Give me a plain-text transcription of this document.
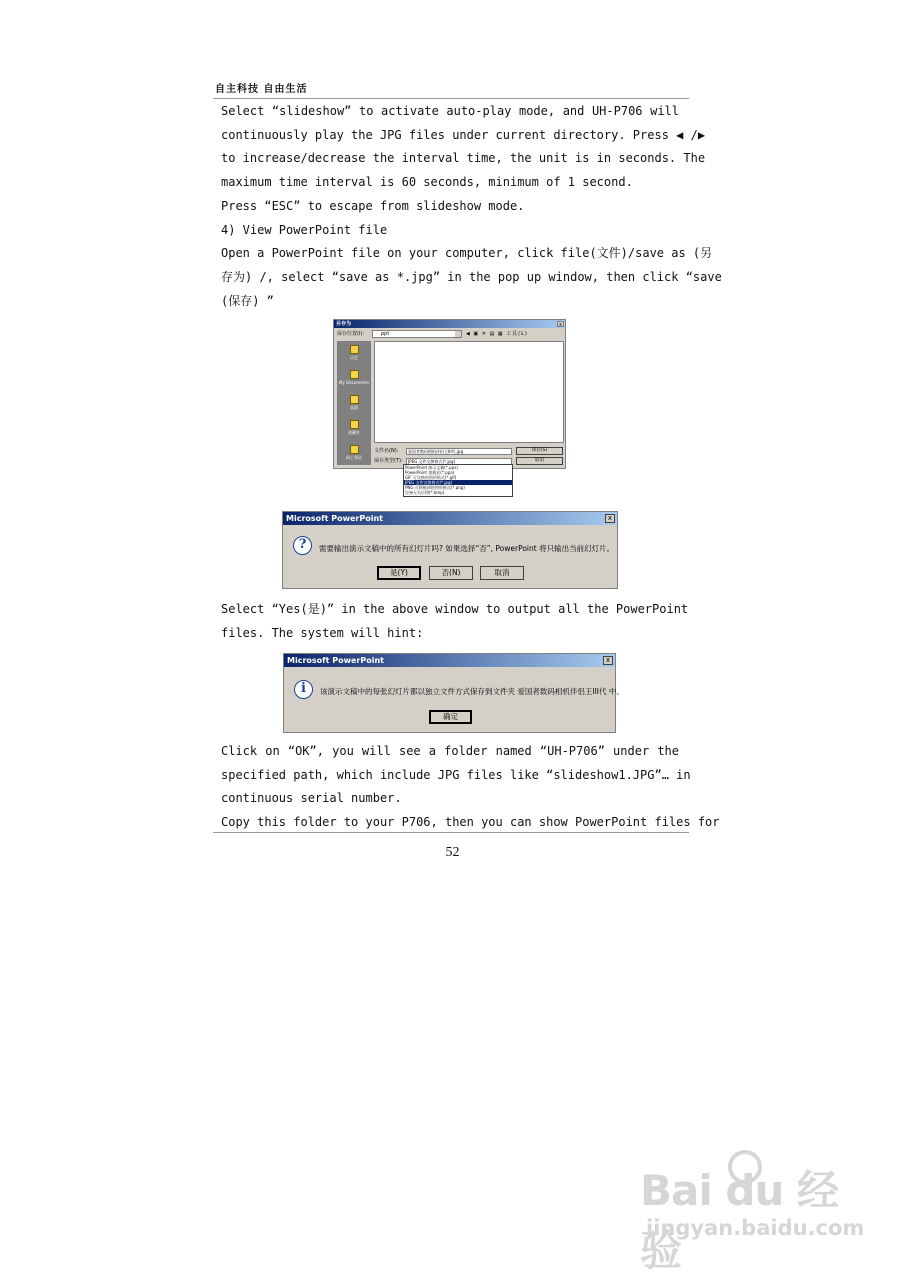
自主科技 自由生活
Select “slideshow” to activate auto-play mode, and UH-P706 will
continuously play the JPG files under current directory. Press ◀ /▶
to increase/decrease the interval time, the unit is in seconds. The
maximum time interval is 60 seconds, minimum of 1 second.
Press “ESC” to escape from slideshow mode.
4) View PowerPoint file
Open a PowerPoint file on your computer, click file(文件)/save as (另
存为) /, select “save as *.jpg” in the pop up window, then click “save
(保存) ”
另存为	x
保存位置(I):	ppt	◀ ▣ ✕ ▤ ▦ 工具(L)
历史
My Documents
桌面
收藏夹
网上邻居
文件名(N):	爱国者数码相机伴侣王III代.jpg	保存(S)
保存类型(T):	JPEG 文件交换格式(*.jpg)	取消
PowerPoint 演示文稿(*.pps)
PowerPoint 加载宏(*.ppa)
GIF 可交换的图形格式(*.gif)
JPEG 文件交换格式(*.jpg)
PNG 可移植网络图形格式(*.png)
设备无关位图(*.bmp)
Microsoft PowerPoint	x
?	需要输出演示文稿中的所有幻灯片吗? 如果选择“否”, PowerPoint 将只输出当前幻灯片。
是(Y)	否(N)	取消
Select “Yes(是)” in the above window to output all the PowerPoint
files. The system will hint:
Microsoft PowerPoint	x
i	该演示文稿中的每张幻灯片都以独立文件方式保存到文件夹 爱国者数码相机伴侣王III代 中。
确定
Click on “OK”, you will see a folder named “UH-P706” under the
specified path, which include JPG files like “slideshow1.JPG”… in
continuous serial number.
Copy this folder to your P706, then you can show PowerPoint files for
52
Bai du 经验
jingyan.baidu.com
